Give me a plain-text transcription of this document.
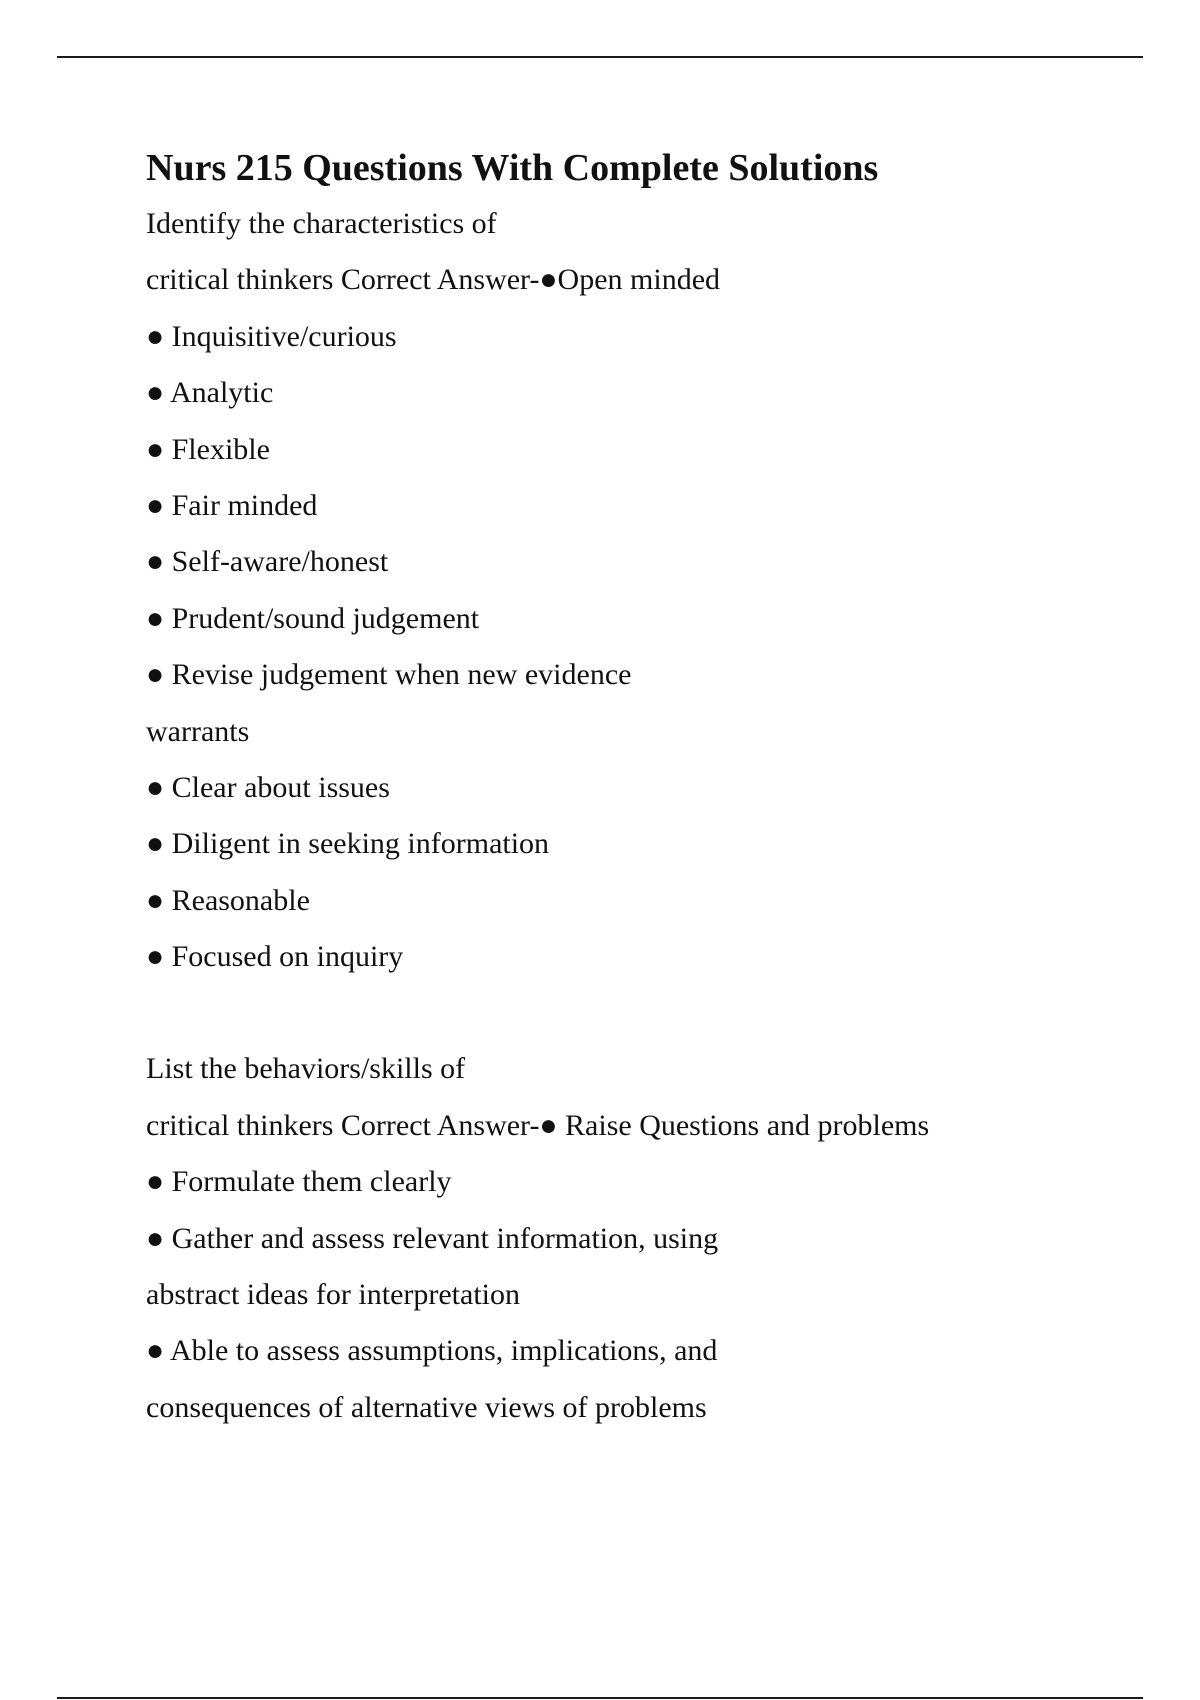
Nurs 215 Questions With Complete Solutions
Identify the characteristics of
critical thinkers Correct Answer-●Open minded
● Inquisitive/curious
● Analytic
● Flexible
● Fair minded
● Self-aware/honest
● Prudent/sound judgement
● Revise judgement when new evidence
warrants
● Clear about issues
● Diligent in seeking information
● Reasonable
● Focused on inquiry
List the behaviors/skills of
critical thinkers Correct Answer-● Raise Questions and problems
● Formulate them clearly
● Gather and assess relevant information, using
abstract ideas for interpretation
● Able to assess assumptions, implications, and
consequences of alternative views of problems
